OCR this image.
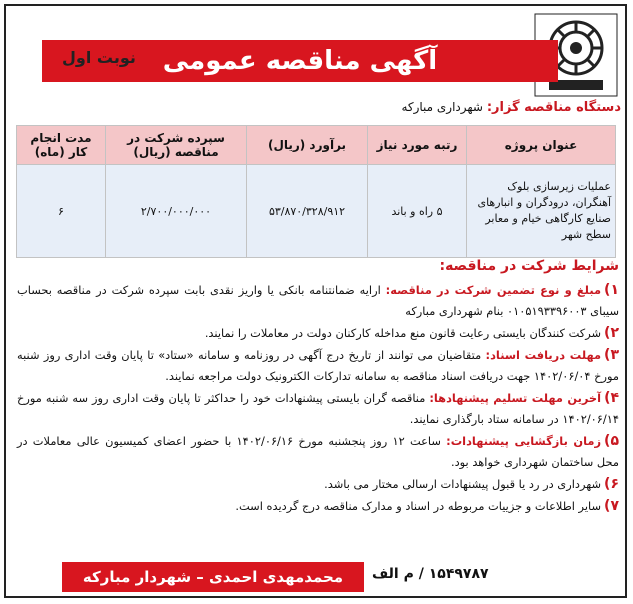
آگهی مناقصه عمومی
نوبت اول
دستگاه مناقصه گزار: شهرداری مبارکه
عنوان پروژه	رتبه مورد نیاز	برآورد (ریال)	سپرده شرکت در مناقصه (ریال)	مدت انجام کار (ماه)
عملیات زیرسازی بلوک آهنگران، درودگران و انبارهای صنایع کارگاهی خیام و معابر سطح شهر	۵ راه و باند	۵۳/۸۷۰/۳۲۸/۹۱۲	۲/۷۰۰/۰۰۰/۰۰۰	۶
شرایط شرکت در مناقصه:
۱)مبلغ و نوع تضمین شرکت در مناقصه: ارایه ضمانتنامه بانکی یا واریز نقدی بابت سپرده شرکت در مناقصه بحساب سیبای ۰۱۰۵۱۹۳۳۹۶۰۰۳ بنام شهرداری مبارکه
۲)شرکت کنندگان بایستی رعایت قانون منع مداخله کارکنان دولت در معاملات را نمایند.
۳)مهلت دریافت اسناد: متقاضیان می توانند از تاریخ درج آگهی در روزنامه و سامانه «ستاد» تا پایان وقت اداری روز شنبه مورخ ۱۴۰۲/۰۶/۰۴ جهت دریافت اسناد مناقصه به سامانه تدارکات الکترونیک دولت مراجعه نمایند.
۴)آخرین مهلت تسلیم پیشنهادها: مناقصه گران بایستی پیشنهادات خود را حداکثر تا پایان وقت اداری روز سه شنبه مورخ ۱۴۰۲/۰۶/۱۴ در سامانه ستاد بارگذاری نمایند.
۵)زمان بازگشایی پیشنهادات: ساعت ۱۲ روز پنجشنبه مورخ ۱۴۰۲/۰۶/۱۶ با حضور اعضای کمیسیون عالی معاملات در محل ساختمان شهرداری خواهد بود.
۶)شهرداری در رد یا قبول پیشنهادات ارسالی مختار می باشد.
۷)سایر اطلاعات و جزییات مربوطه در اسناد و مدارک مناقصه درج گردیده است.
محمدمهدی احمدی – شهردار مبارکه	۱۵۴۹۷۸۷ / م الف
